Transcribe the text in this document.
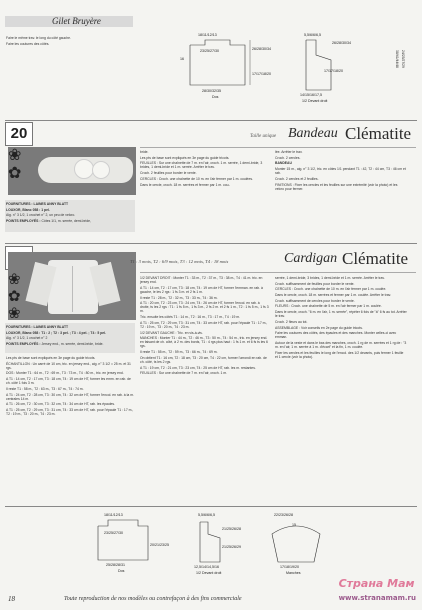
Gilet Bruyère

Faire le même trav. le long du côté gauche.

Faire les coutures des côtés.

18/11/12/13
23/25/27/30
16
28/30/32/35
Dos
26/28/30/34
17/17/18/20
5,5/6/6/6,5
26/28/30/34
17/17/18/20
14/15/16/17,5
1/2 Devant droit
38/41/44/48 24/25/27/29
20
❀
✿

FOURNITURES : LAINES ANNY BLATT

LOUXOR, Blanc 058 : 1 pel.

Aig. n° 3 1/2, 1 crochet n° 2, un peu de velcro.

POINTS EMPLOYÉS : Côtes 1/1, m. serrée, demi-bride,

Taille unique Bandeau Clématite

bride.

Les pts de base sont expliqués en 3e page du guide tricots.

FEUILLES : Sur une chaînette de 7 m. en l'air, croch. 1 m. serrée, 1 demi-bride, 3 brides, 1 demi-bride et 1 m. serrée. Arrêter le trav.

Croch. 2 feuilles pour border le vente.

CERCLES : Croch. une chaînette de 10 m. en l'air fermer par 1 m. coulées.

Dans le cercle, croch. 18 m. serrées et fermer par 1 m. cou-

lée. Arrêter le trav.

Croch. 2 cercles.

BANDEAU

Monter 15 m., aig. n° 3 1/2, tric. en côtes 1/1 pendant T1 : 42, T2 : 44 cm, T3 : 46 cm et rab.

Croch. 2 cercles et 2 feuilles.

FINITIONS : Fixer les cercles et les feuilles sur une extrémité (voir la photo) et les velcro pour fermer.

❀
✿
❀

FOURNITURES : LAINES ANNY BLATT

LOUXOR, Blanc 058 : T1 : 2 ; T2 : 3 pel. ; T3 : 4 pel. ; T4 : 5 pel.

Aig. n° 3 1/2, 1 crochet n° 2

POINTS EMPLOYÉS : Jersey end., m. serrée, demi-bride, bride.

Les pts de base sont expliqués en 3e page du guide tricots.

ÉCHANTILLON : Un carré de 10 cm, tric. en jersey end., aig. n° 3 1/2 = 25 m. et 31 rgs.

DOS : Monter T1 : 64 m., T2 : 69 m., T3 : 73 m., T4 : 80 m., tric. en jersey end.

A T1 : 14 cm, T2 : 17 cm, T3 : 18 cm, T4 : 19 cm de HT, former les emm. en rab. de ch. côté 1 fois 3 m.

Il reste T1 : 58 m., T2 : 63 m., T3 : 67 m., T4 : 74 m.

A T1 : 24 cm, T2 : 28 cm, T3 : 30 cm, T4 : 32 cm de HT, former l'encol. en rab. à la m. centrales 14 m.

A T1 : 26 cm, T2 : 30 cm, T3 : 32 cm, T4 : 34 cm de HT, rab. les épaules.

A T1 : 25 cm, T2 : 29 cm, T3 : 31 cm, T4 : 33 cm de HT, rab. pour l'épaule T1 : 17 m., T2 : 19 m., T3 : 20 m., T4 : 23 m.

T1 : 3 mois, T2 : 6/9 mois, T3 : 12 mois, T4 : 18 mois	Cardigan Clématite

1/2 DEVANT DROIT : Monter T1 : 33 m., T2 : 37 m., T3 : 38 m., T4 : 41 m. tric. en jersey end.

A T1 : 14 cm, T2 : 17 cm, T3 : 18 cm, T4 : 19 cm de HT, former l'emman. en rab. à gauche, le les 2 rgs : 1 fs 3 m. et 2 fs 1 m.

Il reste T1 : 28 m., T2 : 32 m., T3 : 33 m., T4 : 36 m.

A T1 : 20 cm, T2 : 23 cm, T3 : 24 cm, T4 : 26 cm de HT, former l'encol. en rab. à droite, ts les 2 rgs : T1 : 1 fs 5 m., 1 fs 3 m., 2 fs 2 m. et 2 fs 1 m., T2 : 1 fs 5 m., 1 fs 3 m.

Tric. ensuite les côtés T1 : 14 m., T2 : 16 m., T3 : 17 m., T4 : 19 m.

A T1 : 25 cm, T2 : 29 cm, T3 : 31 cm, T4 : 33 cm de HT, rab. pour l'épaule T1 : 17 m., T2 : 19 m., T3 : 20 m., T4 : 23 m.

1/2 DEVANT GAUCHE : Tric. en vis-à-vis.

MANCHES : Monter T1 : 44 m., T2 : 46 m., T3 : 50 m., T4 : 54 m., tric. en jersey end. en faisant de ch. côté, à 2 m. des bords, T1 : 4 rgs plus haut : 1 fs 1 m. et 6 fs ts les 6 rgs.

Il reste T1 : 55 m., T2 : 59 m., T3 : 66 m., T4 : 69 m.

On obtient T1 : 16 cm, T2 : 18 cm, T3 : 20 cm, T4 : 22 cm, former l'arrondi en rab. de ch. côté, ts les 2 rgs.

A T1 : 19 cm, T2 : 21 cm, T3 : 23 cm, T4 : 25 cm de HT, rab. les m. restantes.

FEUILLES : Sur une chaînette de 7 m. en l'air, croch. 1 m.

serrée, 1 demi-bride, 3 brides, 1 demi-bride et 1 m. serrée. Arrêter le trav.

Croch. suffisamment de feuilles pour border le vente.

CERCLES : Croch. une chaînette de 10 m. en l'air fermer par 1 m. coulée.

Dans le cercle, croch. 18 m. serrées et fermer par 1 m. coulée. Arrêter le trav.

Croch. suffisamment de cercles pour border le vente.

FLEURS : Croch. une chaînette de 5 m. en l'air fermer par 1 m. coulée.

Dans le cercle, croch. "6 m. en l'air, 1 m. serrée", répéter 6 fois de "à" 6 fs au tot. Arrêter le trav.

Croch. 2 fleurs au tot.

ASSEMBLAGE : Voir conseils en 2e page du guide tricots.

Faire les coutures des côtés, des épaules et des manches. Monter celles-ci avec emman.

Autour de la veste et dans le bas des manches, croch. 1 rg de m. serrées et 1 rg de : "3 m. en l'air, 1 m. serrée à 1 m. d'écart" et la fin, 1 m. coulée.

Fixer les cercles et les feuilles le long de l'encol. des 1/2 devants, puis fermer 1 feuille et 1 cercle (voir la photo).

18/11/12/13
23/25/27/30
20/21/23/25
25/28/28/31
Dos
5,5/6/6/6,5
21/25/26/28
21/25/26/29
12,5/14/14,5/16
1/2 Devant droit
22/23/26/28
15
17/18/19/20
Manches
18	Toute reproduction de nos modèles ou contrefaçon à des fins commerciale
Страна Мам
www.stranamam.ru
